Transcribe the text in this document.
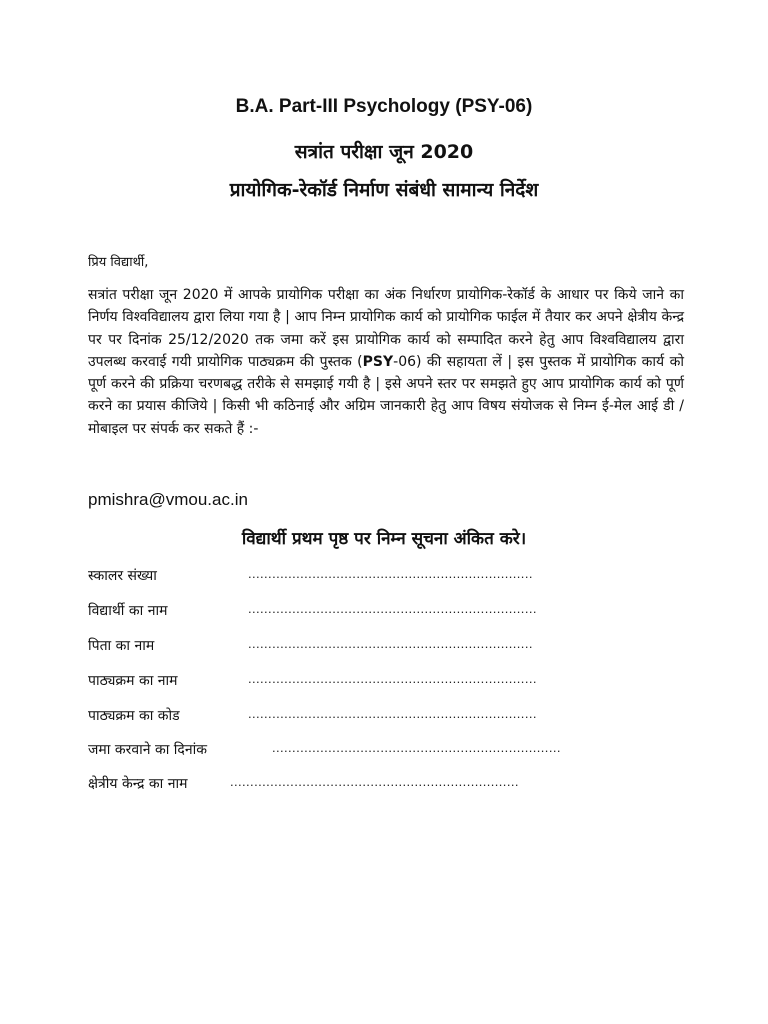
B.A. Part-III Psychology (PSY-06)
सत्रांत परीक्षा जून 2020
प्रायोगिक-रेकॉर्ड निर्माण संबंधी सामान्य निर्देश

प्रिय विद्यार्थी,

सत्रांत परीक्षा जून 2020 में आपके प्रायोगिक परीक्षा का अंक निर्धारण प्रायोगिक-रेकॉर्ड के आधार पर किये जाने का निर्णय विश्वविद्यालय द्वारा लिया गया है | आप निम्न प्रायोगिक कार्य को प्रायोगिक फाईल में तैयार कर अपने क्षेत्रीय केन्द्र पर पर दिनांक 25/12/2020 तक जमा करें इस प्रायोगिक कार्य को सम्पादित करने हेतु आप विश्वविद्यालय द्वारा उपलब्ध करवाई गयी प्रायोगिक पाठ्यक्रम की पुस्तक (PSY-06) की सहायता लें | इस पुस्तक में प्रायोगिक कार्य को पूर्ण करने की प्रक्रिया चरणबद्ध तरीके से समझाई गयी है | इसे अपने स्तर पर समझते हुए आप प्रायोगिक कार्य को पूर्ण करने का प्रयास कीजिये | किसी भी कठिनाई और अग्रिम जानकारी हेतु आप विषय संयोजक से निम्न ई-मेल आई डी / मोबाइल पर संपर्क कर सकते हैं :-

pmishra@vmou.ac.in

विद्यार्थी प्रथम पृष्ठ पर निम्न सूचना अंकित करे।
स्कालर संख्या	.......................................................................
विद्यार्थी का नाम	........................................................................
पिता का नाम	.......................................................................
पाठ्यक्रम का नाम	........................................................................
पाठ्यक्रम का कोड	........................................................................
जमा करवाने का दिनांक	........................................................................
क्षेत्रीय केन्द्र का नाम	........................................................................
